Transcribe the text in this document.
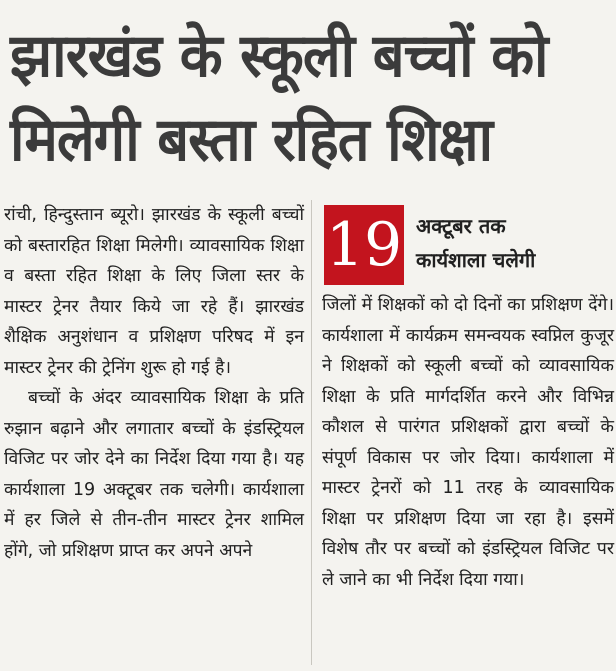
झारखंड के स्कूली बच्चों को
मिलेगी बस्ता रहित शिक्षा

रांची, हिन्दुस्तान ब्यूरो। झारखंड के स्कूली बच्चों को बस्तारहित शिक्षा मिलेगी। व्यावसायिक शिक्षा व बस्ता रहित शिक्षा के लिए जिला स्तर के मास्टर ट्रेनर तैयार किये जा रहे हैं। झारखंड शैक्षिक अनुशंधान व प्रशिक्षण परिषद में इन मास्टर ट्रेनर की ट्रेनिंग शुरू हो गई है।

बच्चों के अंदर व्यावसायिक शिक्षा के प्रति रुझान बढ़ाने और लगातार बच्चों के इंडस्ट्रियल विजिट पर जोर देने का निर्देश दिया गया है। यह कार्यशाला 19 अक्टूबर तक चलेगी। कार्यशाला में हर जिले से तीन-तीन मास्टर ट्रेनर शामिल होंगे, जो प्रशिक्षण प्राप्त कर अपने अपने

19 अक्टूबर तक
कार्यशाला चलेगी

जिलों में शिक्षकों को दो दिनों का प्रशिक्षण देंगे। कार्यशाला में कार्यक्रम समन्वयक स्वप्निल कुजूर ने शिक्षकों को स्कूली बच्चों को व्यावसायिक शिक्षा के प्रति मार्गदर्शित करने और विभिन्न कौशल से पारंगत प्रशिक्षकों द्वारा बच्चों के संपूर्ण विकास पर जोर दिया। कार्यशाला में मास्टर ट्रेनरों को 11 तरह के व्यावसायिक शिक्षा पर प्रशिक्षण दिया जा रहा है। इसमें विशेष तौर पर बच्चों को इंडस्ट्रियल विजिट पर ले जाने का भी निर्देश दिया गया।
